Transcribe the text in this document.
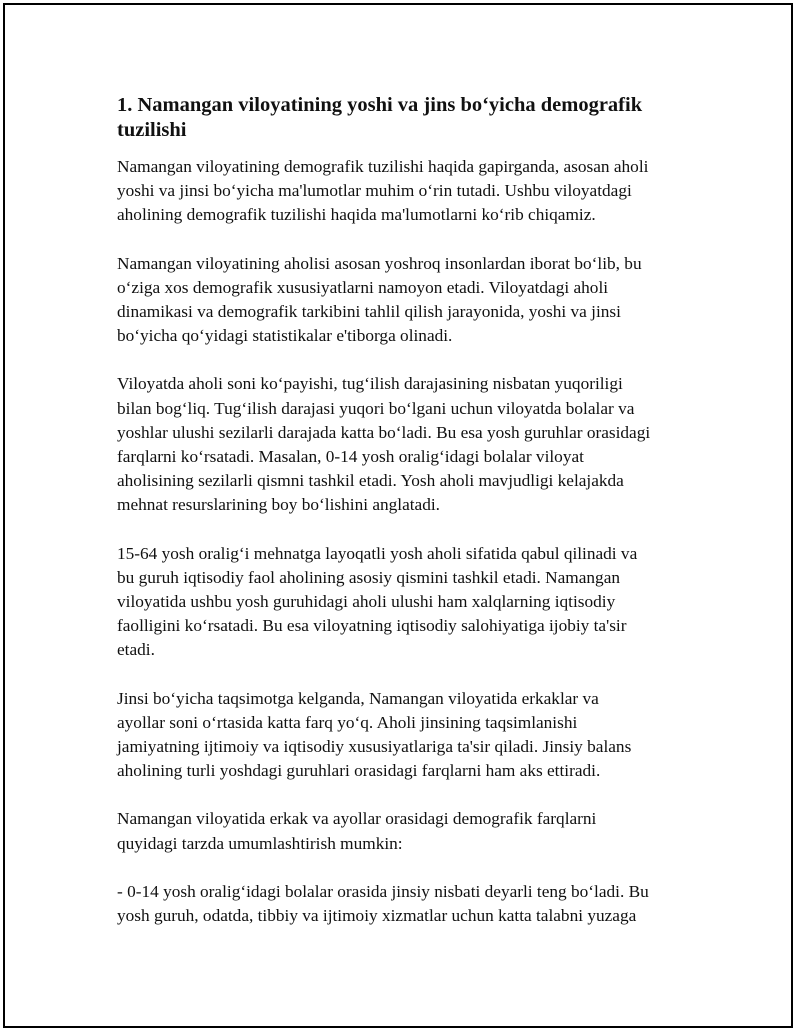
1. Namangan viloyatining yoshi va jins bo‘yicha demografik
tuzilishi

Namangan viloyatining demografik tuzilishi haqida gapirganda, asosan aholi
yoshi va jinsi bo‘yicha ma'lumotlar muhim o‘rin tutadi. Ushbu viloyatdagi
aholining demografik tuzilishi haqida ma'lumotlarni ko‘rib chiqamiz.

Namangan viloyatining aholisi asosan yoshroq insonlardan iborat bo‘lib, bu
o‘ziga xos demografik xususiyatlarni namoyon etadi. Viloyatdagi aholi
dinamikasi va demografik tarkibini tahlil qilish jarayonida, yoshi va jinsi
bo‘yicha qo‘yidagi statistikalar e'tiborga olinadi.

Viloyatda aholi soni ko‘payishi, tug‘ilish darajasining nisbatan yuqoriligi
bilan bog‘liq. Tug‘ilish darajasi yuqori bo‘lgani uchun viloyatda bolalar va
yoshlar ulushi sezilarli darajada katta bo‘ladi. Bu esa yosh guruhlar orasidagi
farqlarni ko‘rsatadi. Masalan, 0-14 yosh oralig‘idagi bolalar viloyat
aholisining sezilarli qismni tashkil etadi. Yosh aholi mavjudligi kelajakda
mehnat resurslarining boy bo‘lishini anglatadi.

15-64 yosh oralig‘i mehnatga layoqatli yosh aholi sifatida qabul qilinadi va
bu guruh iqtisodiy faol aholining asosiy qismini tashkil etadi. Namangan
viloyatida ushbu yosh guruhidagi aholi ulushi ham xalqlarning iqtisodiy
faolligini ko‘rsatadi. Bu esa viloyatning iqtisodiy salohiyatiga ijobiy ta'sir
etadi.

Jinsi bo‘yicha taqsimotga kelganda, Namangan viloyatida erkaklar va
ayollar soni o‘rtasida katta farq yo‘q. Aholi jinsining taqsimlanishi
jamiyatning ijtimoiy va iqtisodiy xususiyatlariga ta'sir qiladi. Jinsiy balans
aholining turli yoshdagi guruhlari orasidagi farqlarni ham aks ettiradi.

Namangan viloyatida erkak va ayollar orasidagi demografik farqlarni
quyidagi tarzda umumlashtirish mumkin:

- 0-14 yosh oralig‘idagi bolalar orasida jinsiy nisbati deyarli teng bo‘ladi. Bu
yosh guruh, odatda, tibbiy va ijtimoiy xizmatlar uchun katta talabni yuzaga
